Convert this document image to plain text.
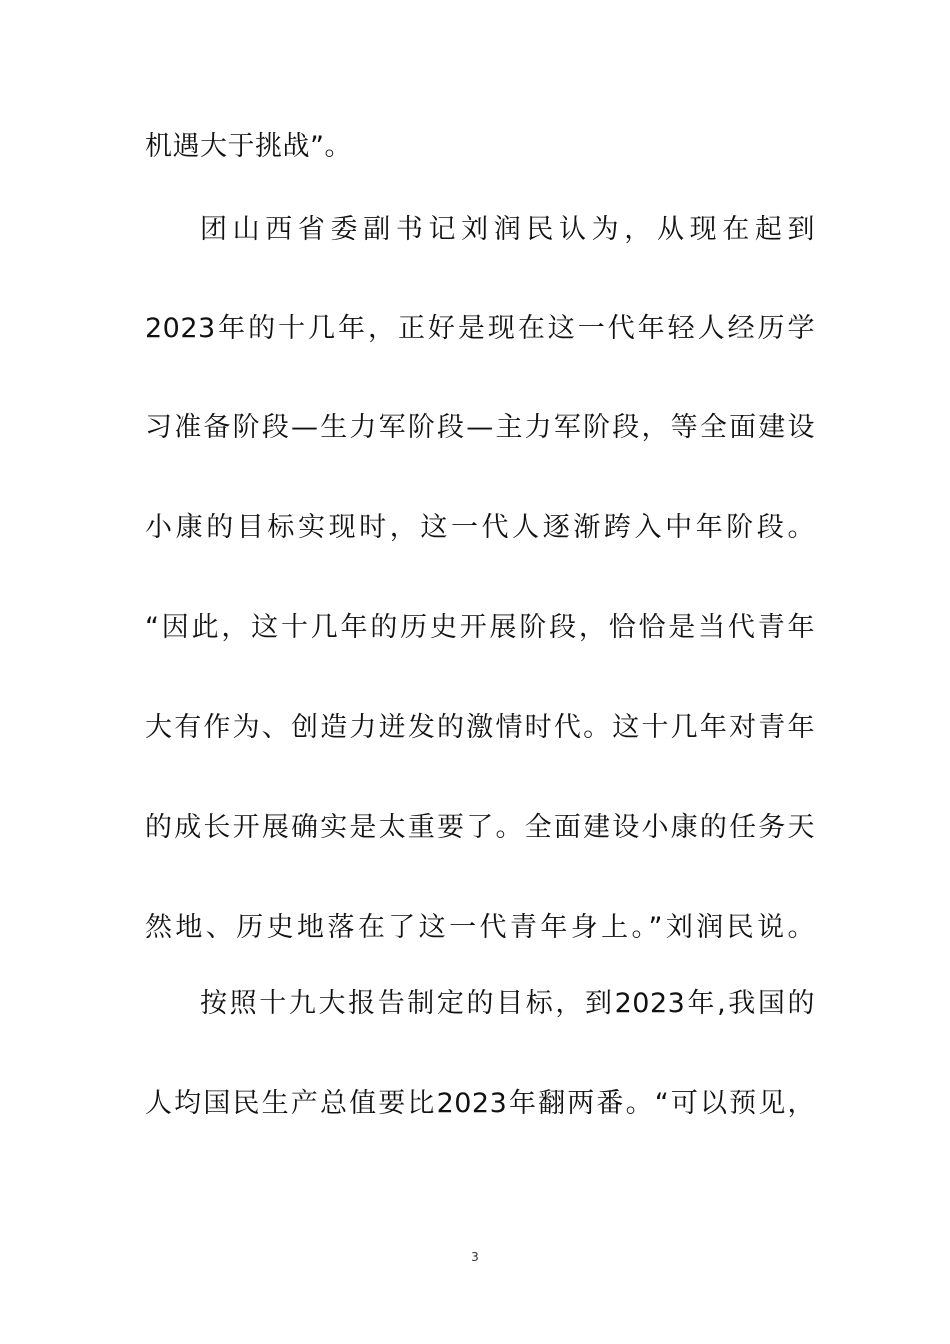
机遇大于挑战”。
团山西省委副书记刘润民认为，从现在起到
2023年的十几年，正好是现在这一代年轻人经历学
习准备阶段—生力军阶段—主力军阶段，等全面建设
小康的目标实现时，这一代人逐渐跨入中年阶段。
“因此，这十几年的历史开展阶段，恰恰是当代青年
大有作为、创造力迸发的激情时代。这十几年对青年
的成长开展确实是太重要了。全面建设小康的任务天
然地、历史地落在了这一代青年身上。”刘润民说。
按照十九大报告制定的目标，到2023年,我国的
人均国民生产总值要比2023年翻两番。“可以预见，
3
